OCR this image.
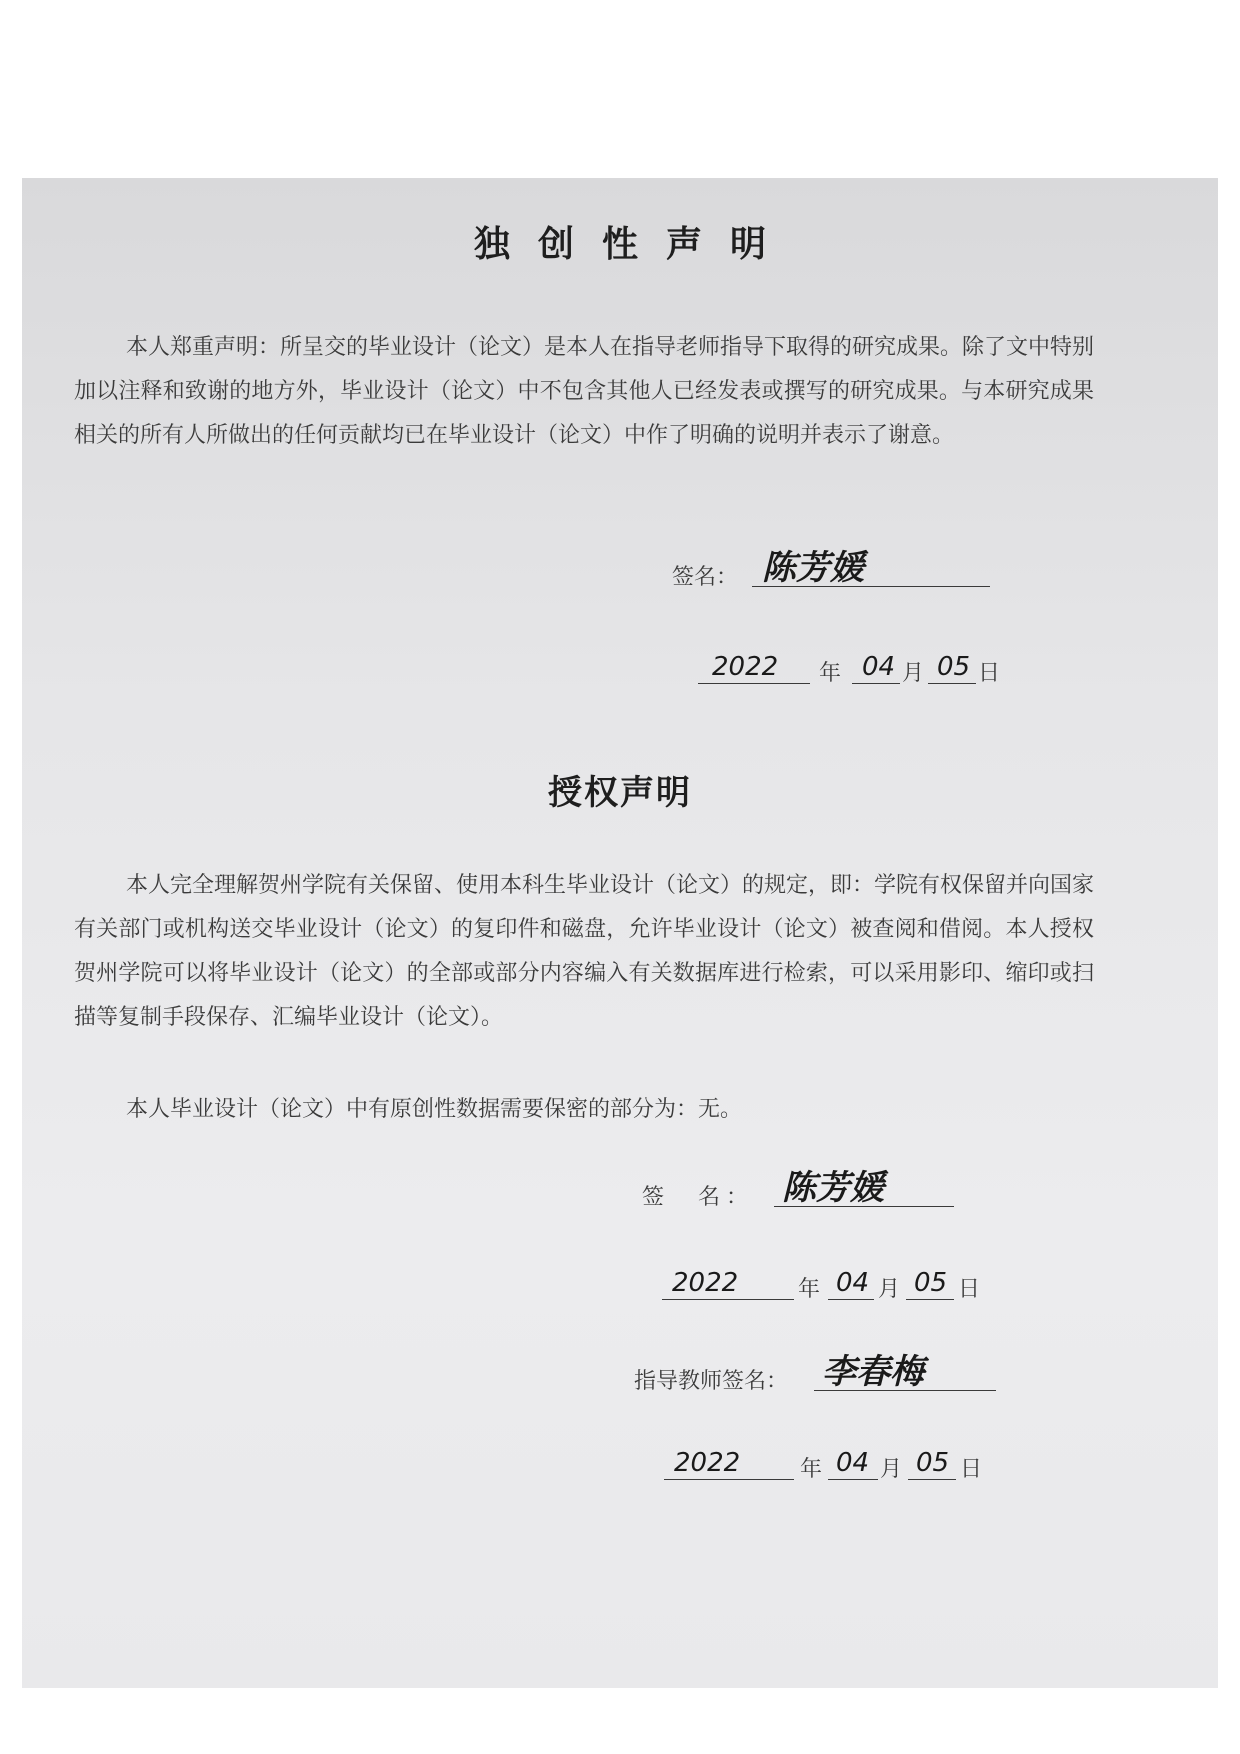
独创性声明
本人郑重声明：所呈交的毕业设计（论文）是本人在指导老师指导下取得的研究成果。除了文中特别加以注释和致谢的地方外，毕业设计（论文）中不包含其他人已经发表或撰写的研究成果。与本研究成果相关的所有人所做出的任何贡献均已在毕业设计（论文）中作了明确的说明并表示了谢意。
签名： 陈芳媛
2022 年 04 月 05 日
授权声明
本人完全理解贺州学院有关保留、使用本科生毕业设计（论文）的规定，即：学院有权保留并向国家有关部门或机构送交毕业设计（论文）的复印件和磁盘，允许毕业设计（论文）被查阅和借阅。本人授权贺州学院可以将毕业设计（论文）的全部或部分内容编入有关数据库进行检索，可以采用影印、缩印或扫描等复制手段保存、汇编毕业设计（论文）。
本人毕业设计（论文）中有原创性数据需要保密的部分为：无。
签　名： 陈芳媛
2022	年 04 月 05 日
指导教师签名： 李春梅
2022	年 04 月 05 日
